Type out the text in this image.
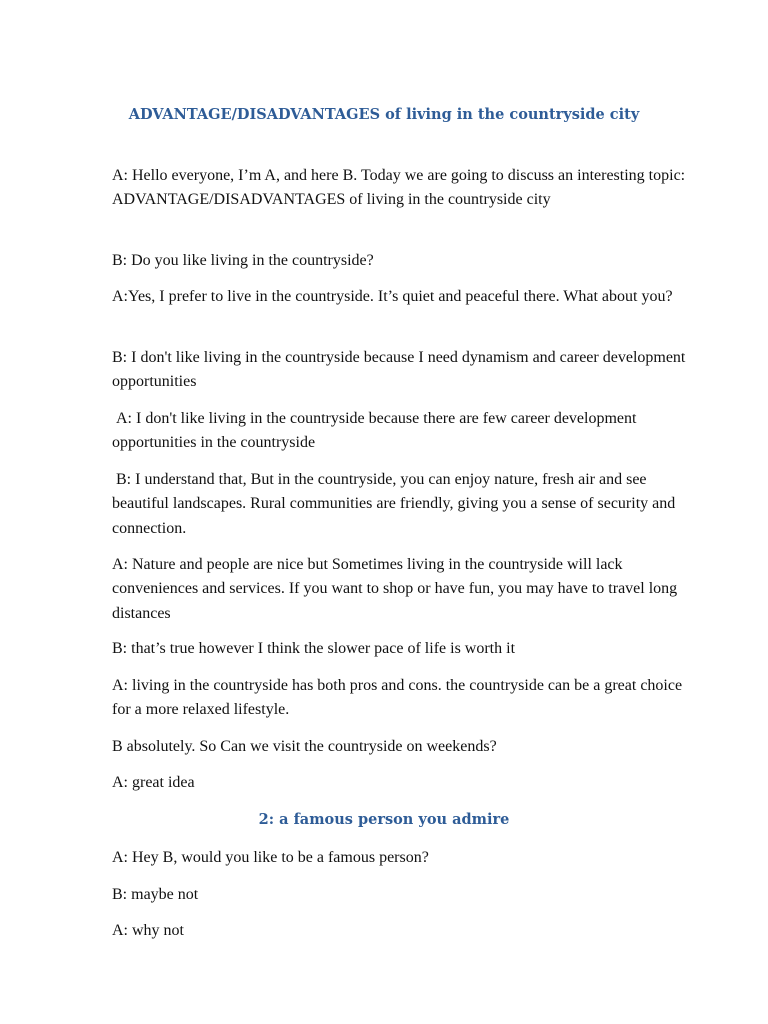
ADVANTAGE/DISADVANTAGES of living in the countryside city

A: Hello everyone, I’m A, and here B. Today we are going to discuss an interesting topic: ADVANTAGE/DISADVANTAGES of living in the countryside city

B: Do you like living in the countryside?

A:Yes, I prefer to live in the countryside. It’s quiet and peaceful there. What about you?

B: I don't like living in the countryside because I need dynamism and career development opportunities

A: I don't like living in the countryside because there are few career development opportunities in the countryside

B: I understand that, But in the countryside, you can enjoy nature, fresh air and see beautiful landscapes. Rural communities are friendly, giving you a sense of security and connection.

A: Nature and people are nice but Sometimes living in the countryside will lack conveniences and services. If you want to shop or have fun, you may have to travel long distances

B: that’s true however I think the slower pace of life is worth it

A: living in the countryside has both pros and cons. the countryside can be a great choice for a more relaxed lifestyle.

B absolutely. So Can we visit the countryside on weekends?

A: great idea

2: a famous person you admire

A: Hey B, would you like to be a famous person?

B: maybe not

A: why not
